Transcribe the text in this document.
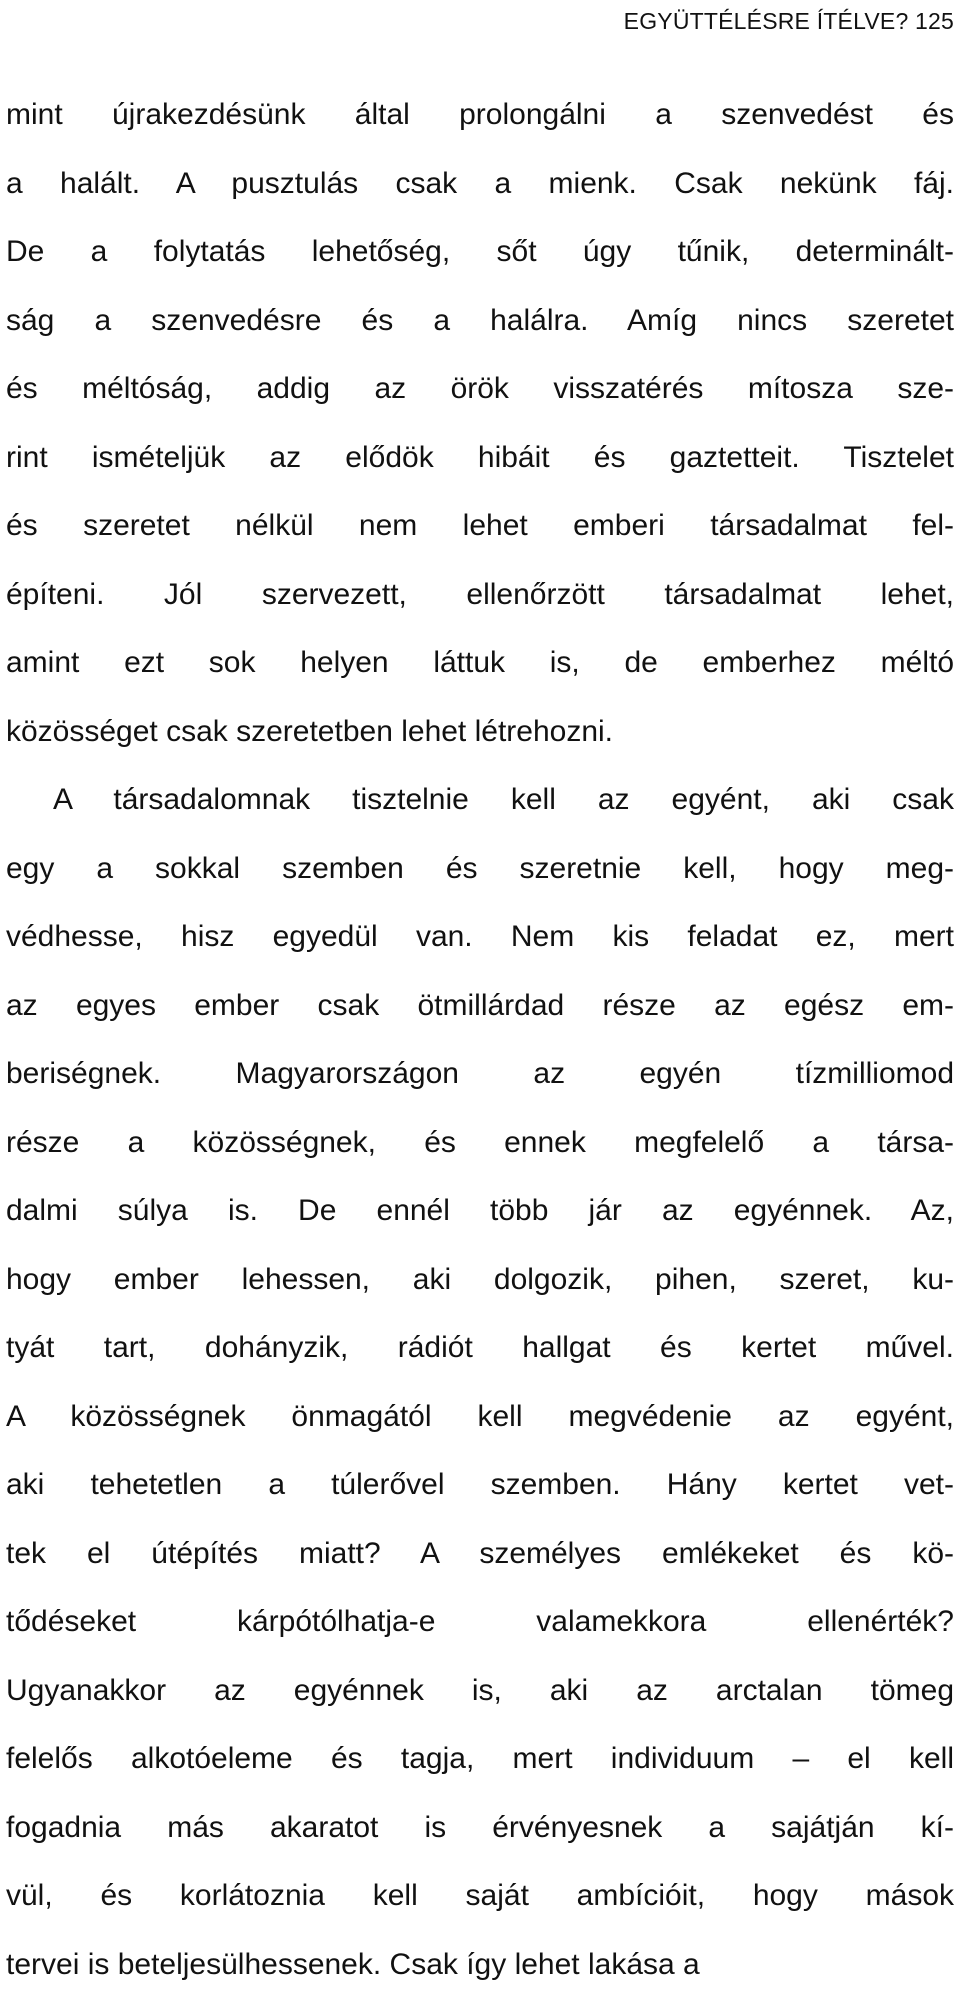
EGYÜTTÉLÉSRE ÍTÉLVE? 125
mint újrakezdésünk által prolongálni a szenvedést és
a halált. A pusztulás csak a mienk. Csak nekünk fáj.
De a folytatás lehetőség, sőt úgy tűnik, determinált-
ság a szenvedésre és a halálra. Amíg nincs szeretet
és méltóság, addig az örök visszatérés mítosza sze-
rint ismételjük az elődök hibáit és gaztetteit. Tisztelet
és szeretet nélkül nem lehet emberi társadalmat fel-
építeni. Jól szervezett, ellenőrzött társadalmat lehet,
amint ezt sok helyen láttuk is, de emberhez méltó
közösséget csak szeretetben lehet létrehozni.
A társadalomnak tisztelnie kell az egyént, aki csak
egy a sokkal szemben és szeretnie kell, hogy meg-
védhesse, hisz egyedül van. Nem kis feladat ez, mert
az egyes ember csak ötmillárdad része az egész em-
beriségnek. Magyarországon az egyén tízmilliomod
része a közösségnek, és ennek megfelelő a társa-
dalmi súlya is. De ennél több jár az egyénnek. Az,
hogy ember lehessen, aki dolgozik, pihen, szeret, ku-
tyát tart, dohányzik, rádiót hallgat és kertet művel.
A közösségnek önmagától kell megvédenie az egyént,
aki tehetetlen a túlerővel szemben. Hány kertet vet-
tek el útépítés miatt? A személyes emlékeket és kö-
tődéseket kárpótólhatja-e valamekkora ellenérték?
Ugyanakkor az egyénnek is, aki az arctalan tömeg
felelős alkotóeleme és tagja, mert individuum – el kell
fogadnia más akaratot is érvényesnek a sajátján kí-
vül, és korlátoznia kell saját ambícióit, hogy mások
tervei is beteljesülhessenek. Csak így lehet lakása a
